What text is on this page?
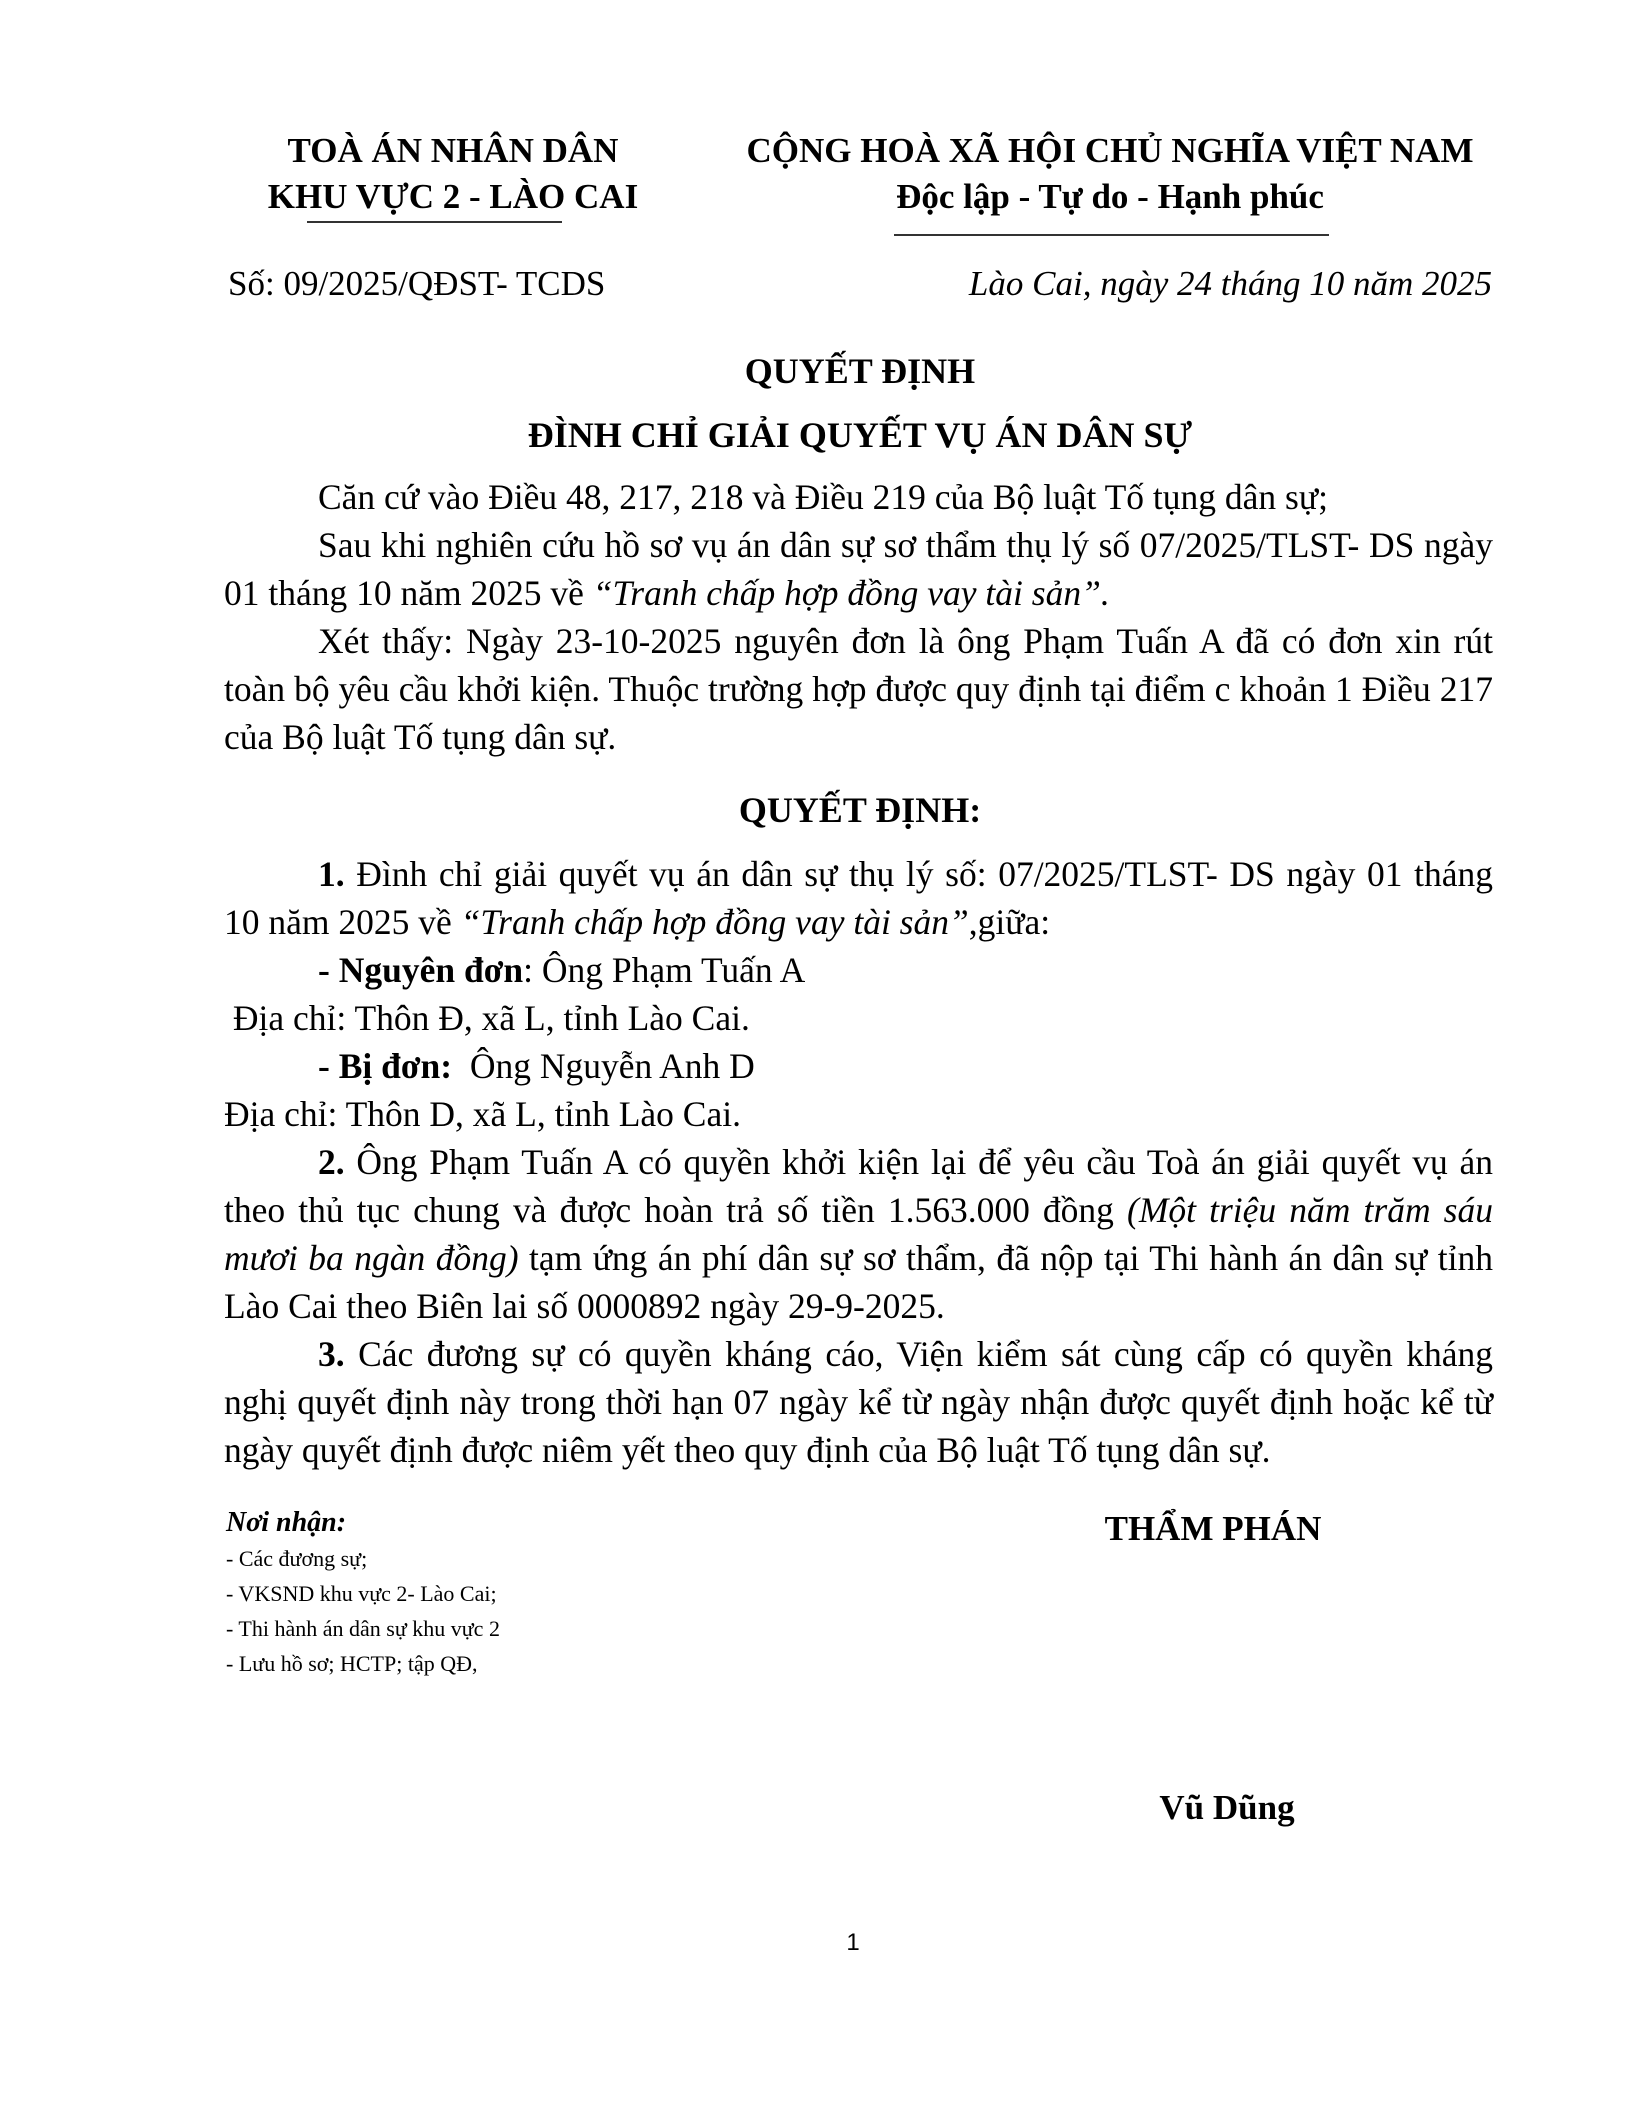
TOÀ ÁN NHÂN DÂN
KHU VỰC 2 - LÀO CAI
CỘNG HOÀ XÃ HỘI CHỦ NGHĨA VIỆT NAM
Độc lập - Tự do - Hạnh phúc
Số: 09/2025/QĐST- TCDS	Lào Cai, ngày 24 tháng 10 năm 2025
QUYẾT ĐỊNH
ĐÌNH CHỈ GIẢI QUYẾT VỤ ÁN DÂN SỰ

Căn cứ vào Điều 48, 217, 218 và Điều 219 của Bộ luật Tố tụng dân sự;

Sau khi nghiên cứu hồ sơ vụ án dân sự sơ thẩm thụ lý số 07/2025/TLST- DS ngày 01 tháng 10 năm 2025 về “Tranh chấp hợp đồng vay tài sản”.

Xét thấy: Ngày 23-10-2025 nguyên đơn là ông Phạm Tuấn A đã có đơn xin rút toàn bộ yêu cầu khởi kiện. Thuộc trường hợp được quy định tại điểm c khoản 1 Điều 217 của Bộ luật Tố tụng dân sự.

QUYẾT ĐỊNH:

1. Đình chỉ giải quyết vụ án dân sự thụ lý số: 07/2025/TLST- DS ngày 01 tháng 10 năm 2025 về “Tranh chấp hợp đồng vay tài sản”,giữa:

- Nguyên đơn: Ông Phạm Tuấn A

Địa chỉ: Thôn Đ, xã L, tỉnh Lào Cai.

- Bị đơn:  Ông Nguyễn Anh D

Địa chỉ: Thôn D, xã L, tỉnh Lào Cai.

2. Ông Phạm Tuấn A có quyền khởi kiện lại để yêu cầu Toà án giải quyết vụ án theo thủ tục chung và được hoàn trả số tiền 1.563.000 đồng (Một triệu năm trăm sáu mươi ba ngàn đồng) tạm ứng án phí dân sự sơ thẩm, đã nộp tại Thi hành án dân sự tỉnh Lào Cai theo Biên lai số 0000892 ngày 29-9-2025.

3. Các đương sự có quyền kháng cáo, Viện kiểm sát cùng cấp có quyền kháng nghị quyết định này trong thời hạn 07 ngày kể từ ngày nhận được quyết định hoặc kể từ ngày quyết định được niêm yết theo quy định của Bộ luật Tố tụng dân sự.

Nơi nhận:
- Các đương sự;
- VKSND khu vực 2- Lào Cai;
- Thi hành án dân sự khu vực 2
- Lưu hồ sơ; HCTP; tập QĐ,
THẨM PHÁN
Vũ Dũng
1
